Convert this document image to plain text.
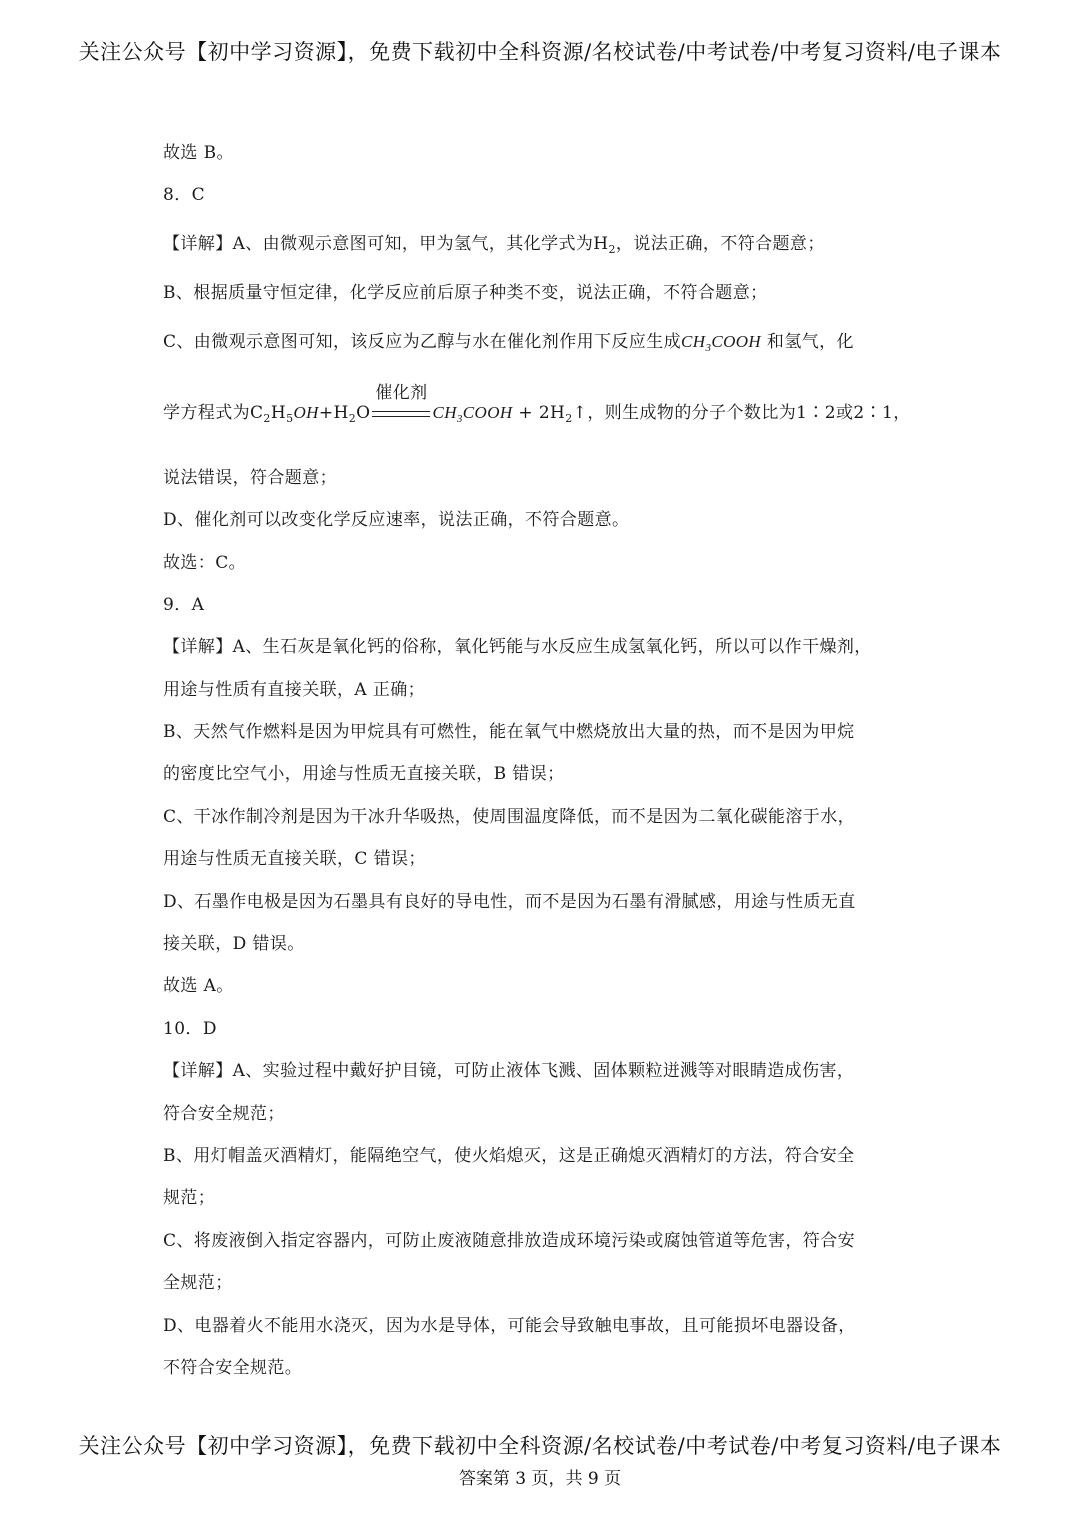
关注公众号【初中学习资源】，免费下载初中全科资源/名校试卷/中考试卷/中考复习资料/电子课本
故选 B。
8．C
【详解】A、由微观示意图可知，甲为氢气，其化学式为$H_2$，说法正确，不符合题意；
B、根据质量守恒定律，化学反应前后原子种类不变，说法正确，不符合题意；
C、由微观示意图可知，该反应为乙醇与水在催化剂作用下反应生成$CH_3COOH$ 和氢气，化
学方程式为$C_2H_5OH+H_2O$
催化剂
$CH_3COOH$ + $2H_2↑$，则生成物的分子个数比为1∶2或2∶1，
说法错误，符合题意；
D、催化剂可以改变化学反应速率，说法正确，不符合题意。
故选：C。
9．A
【详解】A、生石灰是氧化钙的俗称，氧化钙能与水反应生成氢氧化钙，所以可以作干燥剂，
用途与性质有直接关联，A 正确；
B、天然气作燃料是因为甲烷具有可燃性，能在氧气中燃烧放出大量的热，而不是因为甲烷
的密度比空气小，用途与性质无直接关联，B 错误；
C、干冰作制冷剂是因为干冰升华吸热，使周围温度降低，而不是因为二氧化碳能溶于水，
用途与性质无直接关联，C 错误；
D、石墨作电极是因为石墨具有良好的导电性，而不是因为石墨有滑腻感，用途与性质无直
接关联，D 错误。
故选 A。
10．D
【详解】A、实验过程中戴好护目镜，可防止液体飞溅、固体颗粒迸溅等对眼睛造成伤害，
符合安全规范；
B、用灯帽盖灭酒精灯，能隔绝空气，使火焰熄灭，这是正确熄灭酒精灯的方法，符合安全
规范；
C、将废液倒入指定容器内，可防止废液随意排放造成环境污染或腐蚀管道等危害，符合安
全规范；
D、电器着火不能用水浇灭，因为水是导体，可能会导致触电事故，且可能损坏电器设备，
不符合安全规范。
关注公众号【初中学习资源】，免费下载初中全科资源/名校试卷/中考试卷/中考复习资料/电子课本
答案第 3 页，共 9 页
